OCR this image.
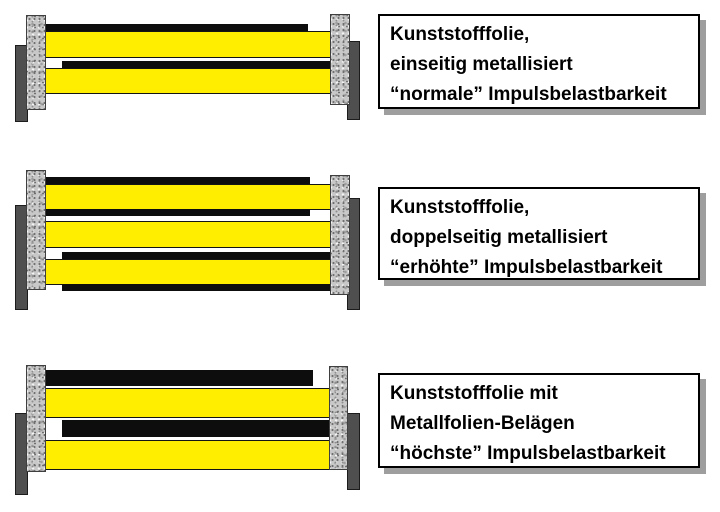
Kunststofffolie,
einseitig metallisiert
“normale” Impulsbelastbarkeit
Kunststofffolie,
doppelseitig metallisiert
“erhöhte” Impulsbelastbarkeit
Kunststofffolie mit
Metallfolien-Belägen
“höchste” Impulsbelastbarkeit
